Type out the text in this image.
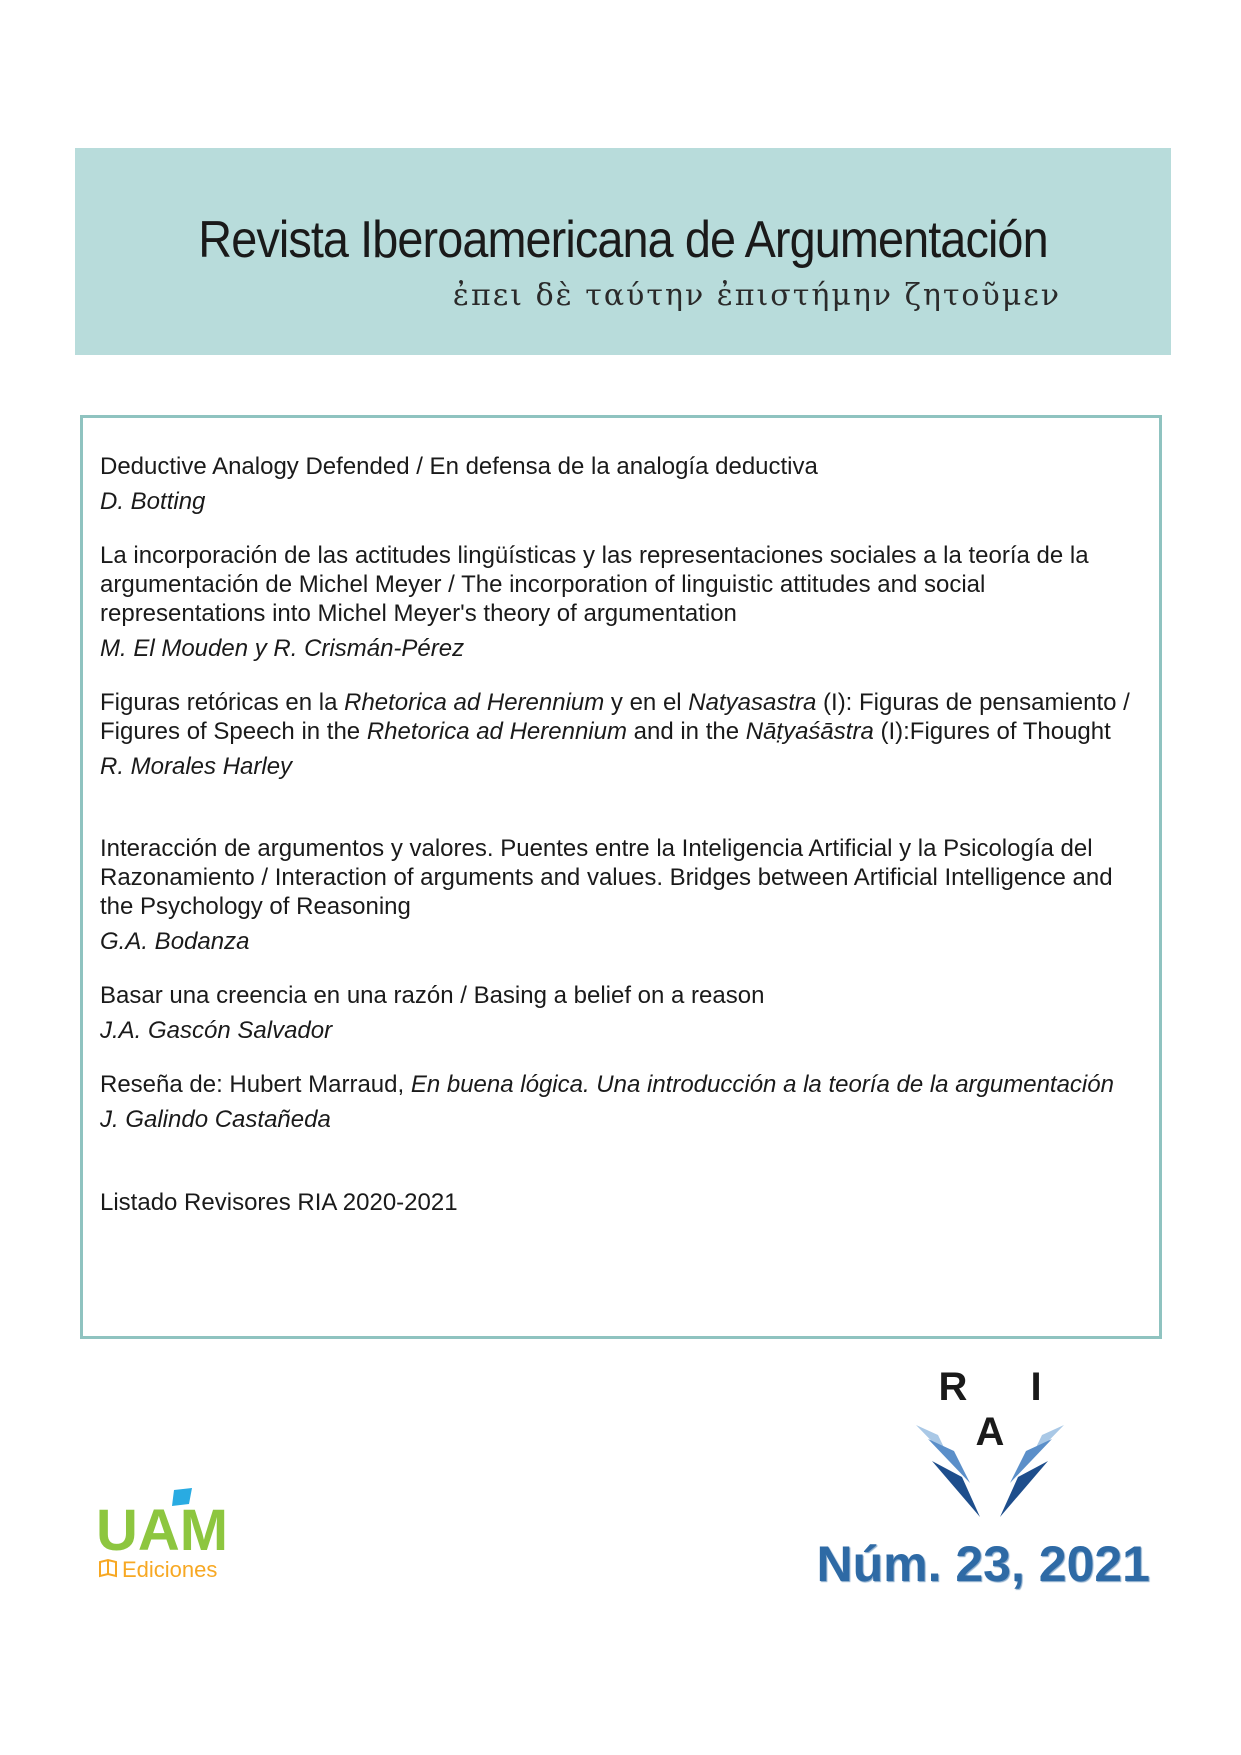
Revista Iberoamericana de Argumentación
ἐπει δὲ ταύτην ἐπιστήμην ζητοῦμεν

Deductive Analogy Defended / En defensa de la analogía deductiva

D. Botting

La incorporación de las actitudes lingüísticas y las representaciones sociales a la teoría de la argumentación de Michel Meyer / The incorporation of linguistic attitudes and social representations into Michel Meyer's theory of argumentation

M. El Mouden y R. Crismán-Pérez

Figuras retóricas en la Rhetorica ad Herennium y en el Natyasastra (I): Figuras de pensamiento / Figures of Speech in the Rhetorica ad Herennium and in the Nāṭyaśāstra (I):Figures of Thought

R. Morales Harley

Interacción de argumentos y valores. Puentes entre la Inteligencia Artificial y la Psicología del Razonamiento / Interaction of arguments and values. Bridges between Artificial Intelligence and the Psychology of Reasoning

G.A. Bodanza

Basar una creencia en una razón / Basing a belief on a reason

J.A. Gascón Salvador

Reseña de: Hubert Marraud, En buena lógica. Una introducción a la teoría de la argumentación

J. Galindo Castañeda

Listado Revisores RIA 2020-2021

UAM
Ediciones
R I A
Núm. 23, 2021
